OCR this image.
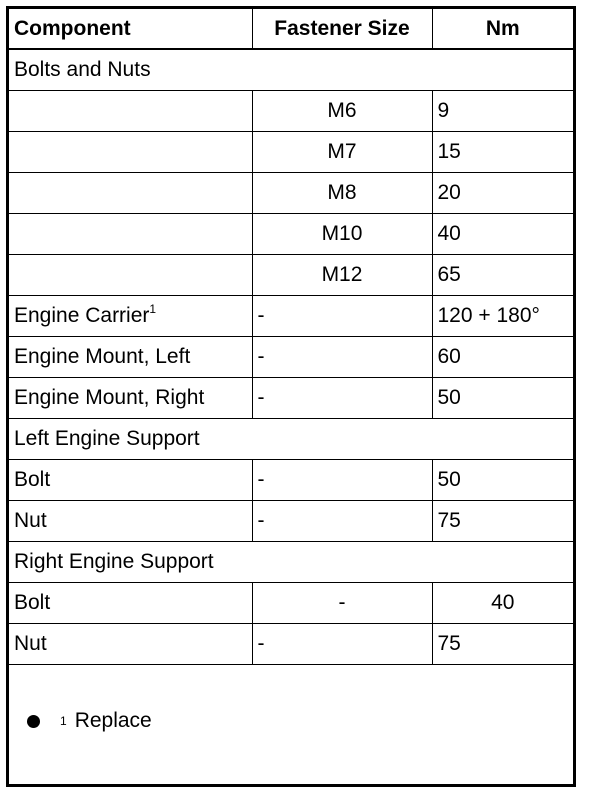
Component	Fastener Size	Nm
Bolts and Nuts		
	M6	9
	M7	15
	M8	20
	M10	40
	M12	65
Engine Carrier$^1$	-	120 + 180°
Engine Mount, Left	-	60
Engine Mount, Right	-	50
Left Engine Support		
Bolt	-	50
Nut	-	75
Right Engine Support		
Bolt	-	40
Nut	-	75
1 Replace
